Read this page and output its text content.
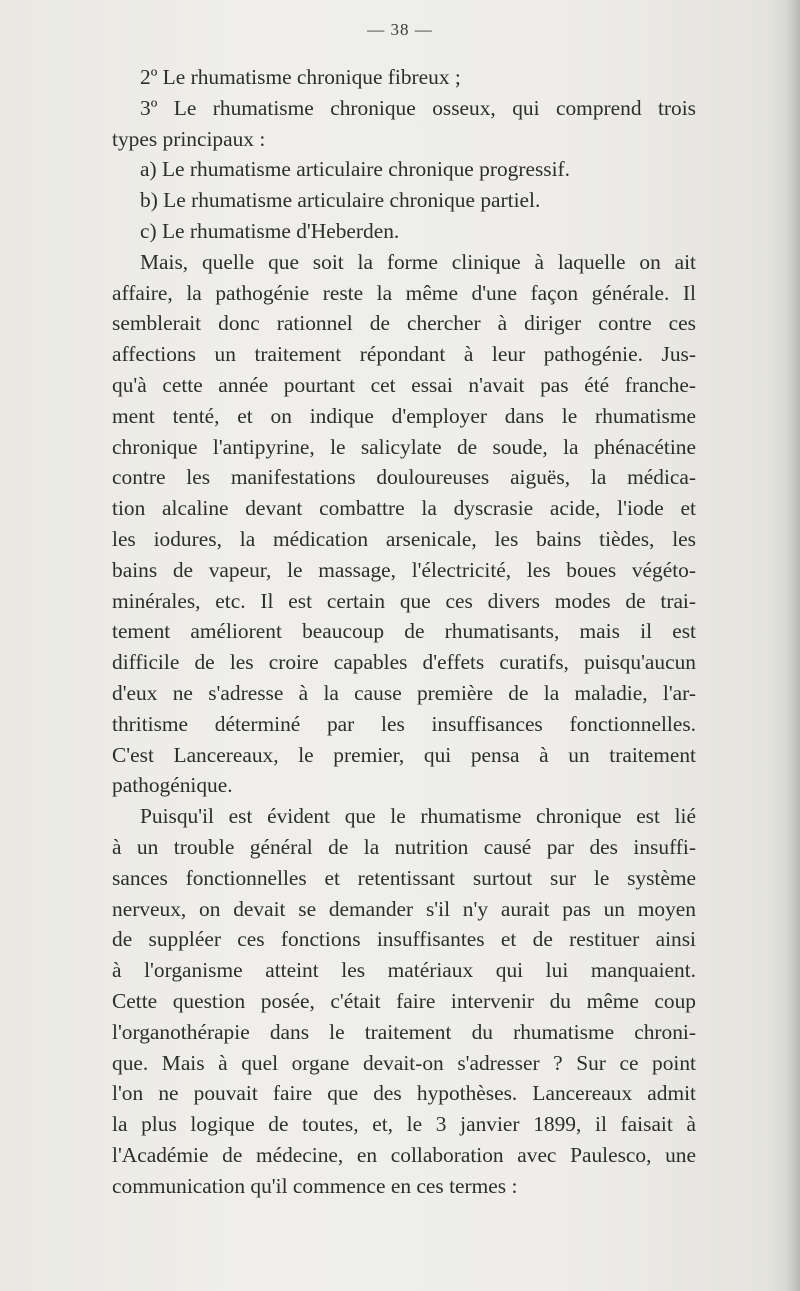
— 38 —
2º Le rhumatisme chronique fibreux ;
3º Le rhumatisme chronique osseux, qui comprend trois
types principaux :
a) Le rhumatisme articulaire chronique progressif.
b) Le rhumatisme articulaire chronique partiel.
c) Le rhumatisme d'Heberden.
Mais, quelle que soit la forme clinique à laquelle on ait
affaire, la pathogénie reste la même d'une façon générale. Il
semblerait donc rationnel de chercher à diriger contre ces
affections un traitement répondant à leur pathogénie. Jus-
qu'à cette année pourtant cet essai n'avait pas été franche-
ment tenté, et on indique d'employer dans le rhumatisme
chronique l'antipyrine, le salicylate de soude, la phénacétine
contre les manifestations douloureuses aiguës, la médica-
tion alcaline devant combattre la dyscrasie acide, l'iode et
les iodures, la médication arsenicale, les bains tièdes, les
bains de vapeur, le massage, l'électricité, les boues végéto-
minérales, etc. Il est certain que ces divers modes de trai-
tement améliorent beaucoup de rhumatisants, mais il est
difficile de les croire capables d'effets curatifs, puisqu'aucun
d'eux ne s'adresse à la cause première de la maladie, l'ar-
thritisme déterminé par les insuffisances fonctionnelles.
C'est Lancereaux, le premier, qui pensa à un traitement
pathogénique.
Puisqu'il est évident que le rhumatisme chronique est lié
à un trouble général de la nutrition causé par des insuffi-
sances fonctionnelles et retentissant surtout sur le système
nerveux, on devait se demander s'il n'y aurait pas un moyen
de suppléer ces fonctions insuffisantes et de restituer ainsi
à l'organisme atteint les matériaux qui lui manquaient.
Cette question posée, c'était faire intervenir du même coup
l'organothérapie dans le traitement du rhumatisme chroni-
que. Mais à quel organe devait-on s'adresser ? Sur ce point
l'on ne pouvait faire que des hypothèses. Lancereaux admit
la plus logique de toutes, et, le 3 janvier 1899, il faisait à
l'Académie de médecine, en collaboration avec Paulesco, une
communication qu'il commence en ces termes :
